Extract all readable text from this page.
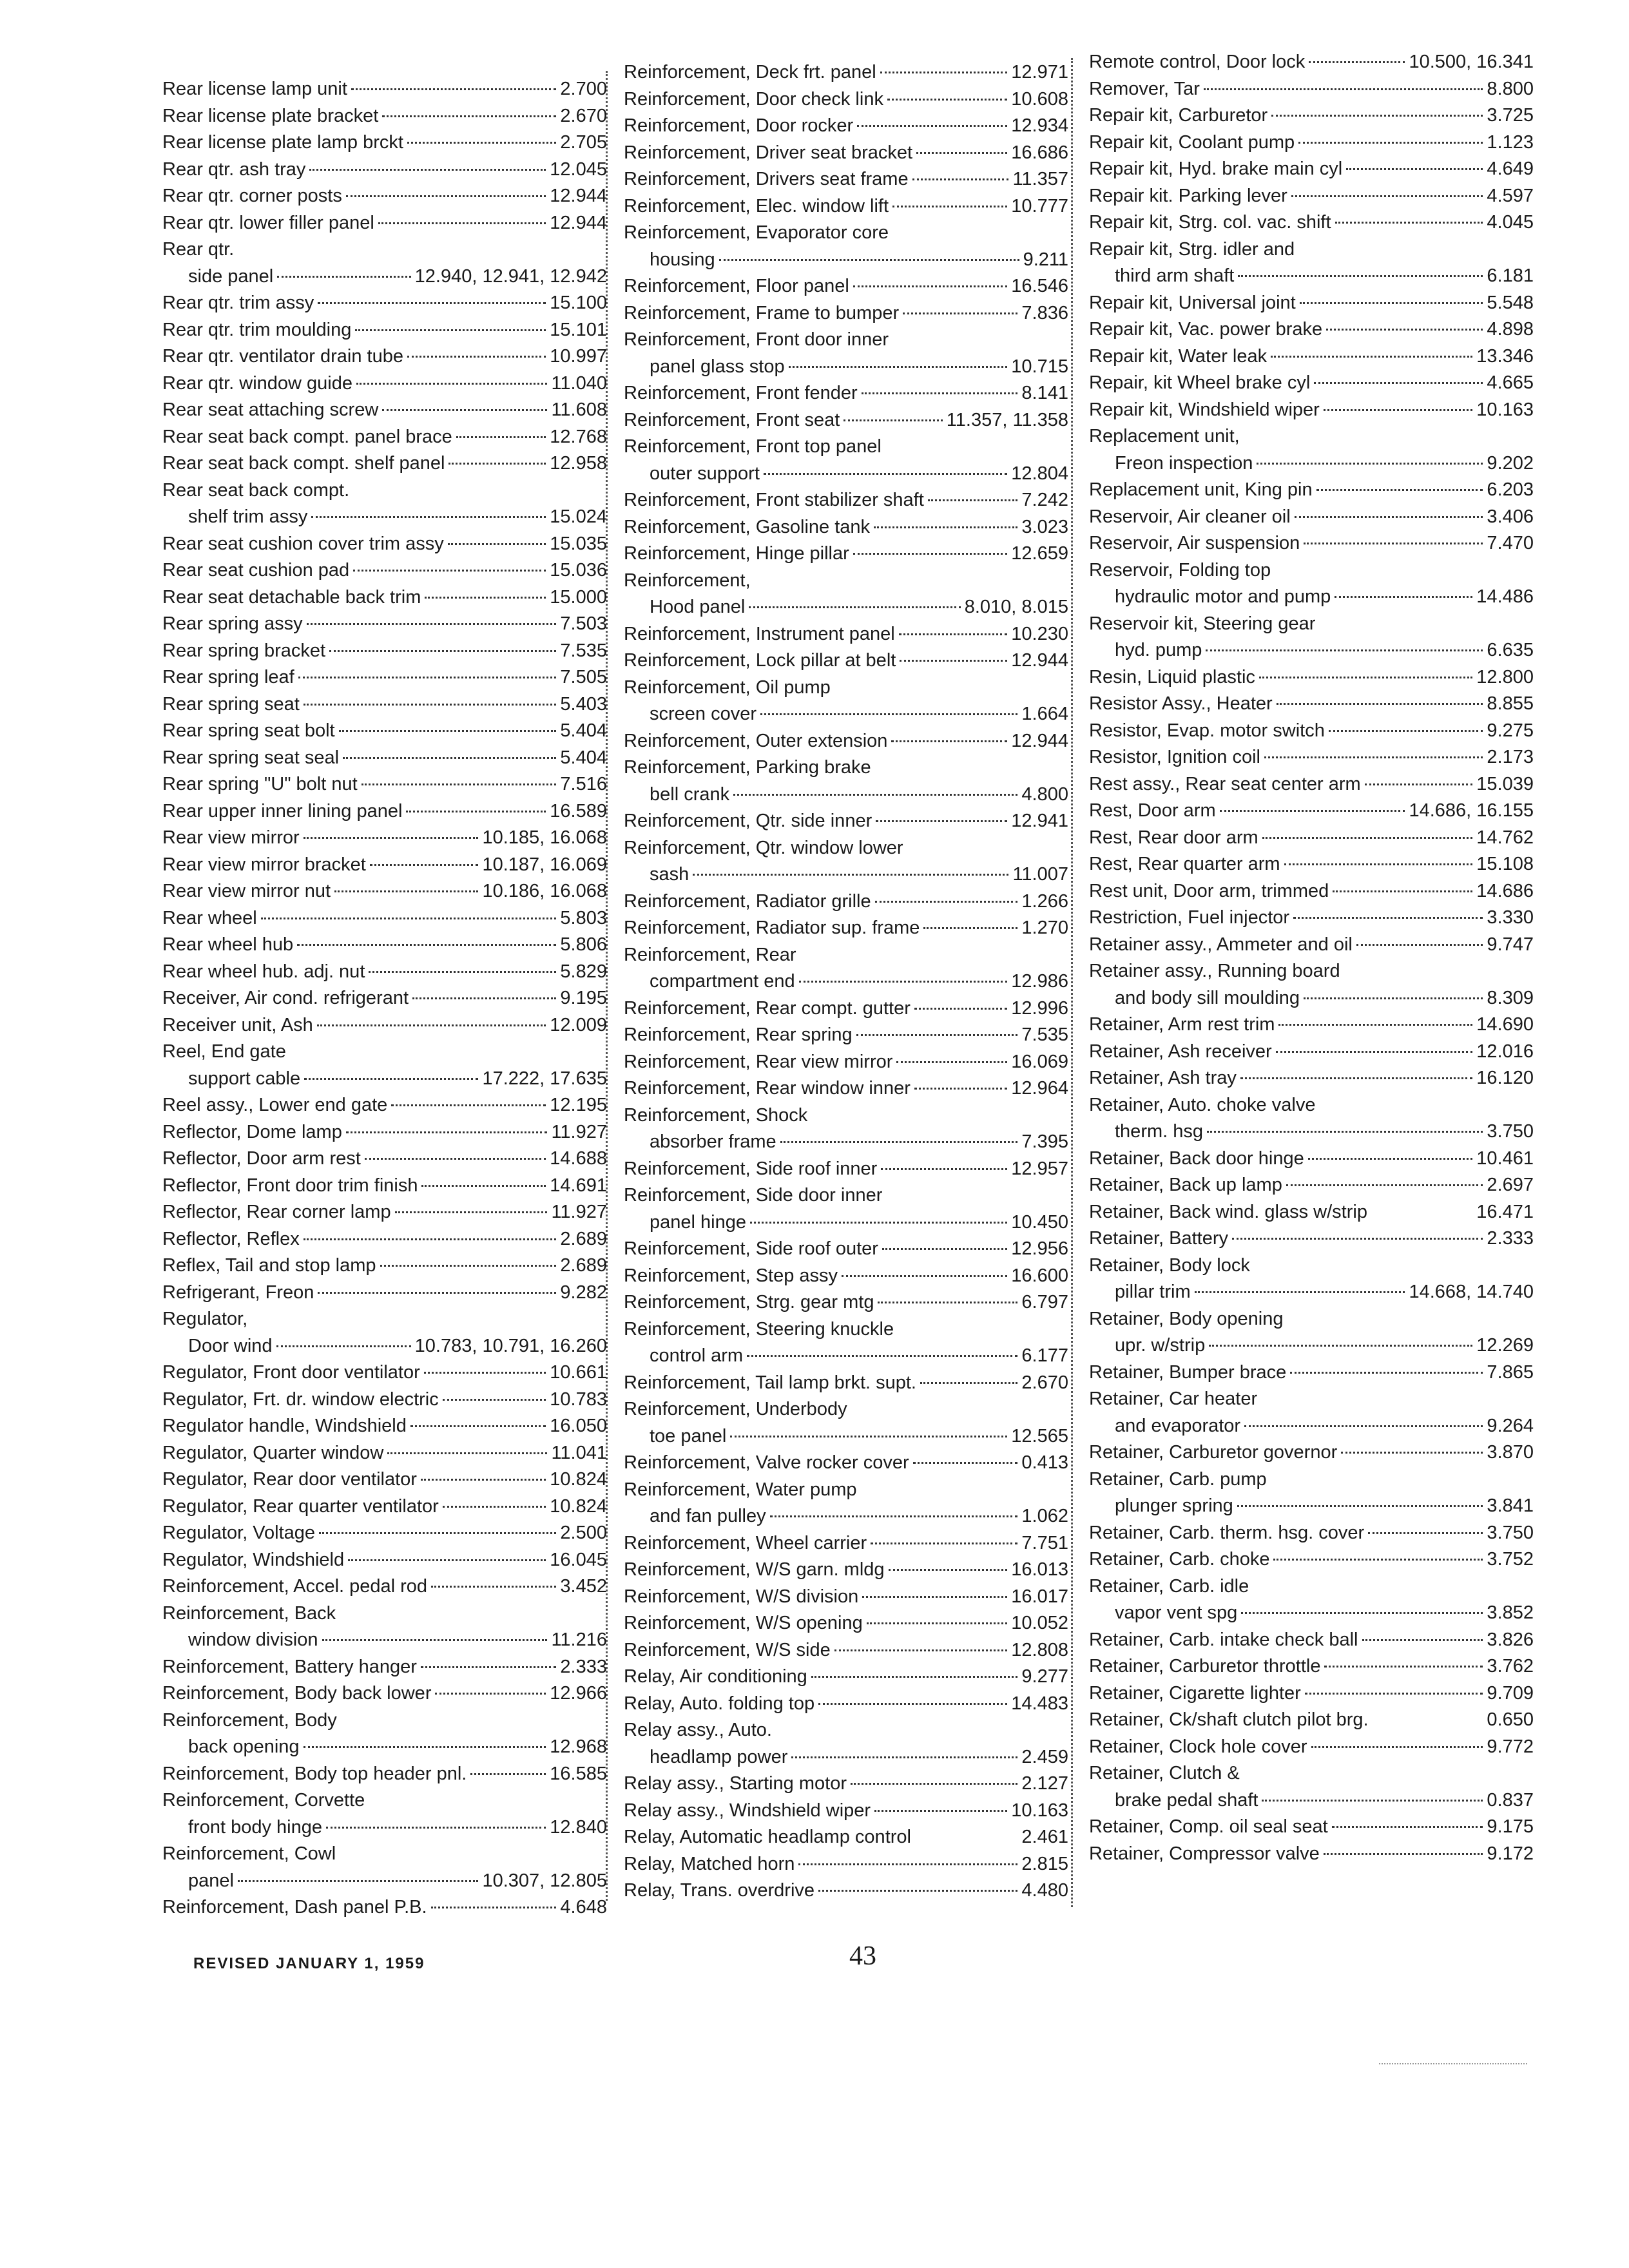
Rear license lamp unit	2.700
Rear license plate bracket	2.670
Rear license plate lamp brckt	2.705
Rear qtr. ash tray	12.045
Rear qtr. corner posts	12.944
Rear qtr. lower filler panel	12.944
Rear qtr.
side panel	12.940, 12.941, 12.942
Rear qtr. trim assy	15.100
Rear qtr. trim moulding	15.101
Rear qtr. ventilator drain tube	10.997
Rear qtr. window guide	11.040
Rear seat attaching screw	11.608
Rear seat back compt. panel brace	12.768
Rear seat back compt. shelf panel	12.958
Rear seat back compt.
shelf trim assy	15.024
Rear seat cushion cover trim assy	15.035
Rear seat cushion pad	15.036
Rear seat detachable back trim	15.000
Rear spring assy	7.503
Rear spring bracket	7.535
Rear spring leaf	7.505
Rear spring seat	5.403
Rear spring seat bolt	5.404
Rear spring seat seal	5.404
Rear spring "U" bolt nut	7.516
Rear upper inner lining panel	16.589
Rear view mirror	10.185, 16.068
Rear view mirror bracket	10.187, 16.069
Rear view mirror nut	10.186, 16.068
Rear wheel	5.803
Rear wheel hub	5.806
Rear wheel hub. adj. nut	5.829
Receiver, Air cond. refrigerant	9.195
Receiver unit, Ash	12.009
Reel, End gate
support cable	17.222, 17.635
Reel assy., Lower end gate	12.195
Reflector, Dome lamp	11.927
Reflector, Door arm rest	14.688
Reflector, Front door trim finish	14.691
Reflector, Rear corner lamp	11.927
Reflector, Reflex	2.689
Reflex, Tail and stop lamp	2.689
Refrigerant, Freon	9.282
Regulator,
Door wind	10.783, 10.791, 16.260
Regulator, Front door ventilator	10.661
Regulator, Frt. dr. window electric	10.783
Regulator handle, Windshield	16.050
Regulator, Quarter window	11.041
Regulator, Rear door ventilator	10.824
Regulator, Rear quarter ventilator	10.824
Regulator, Voltage	2.500
Regulator, Windshield	16.045
Reinforcement, Accel. pedal rod	3.452
Reinforcement, Back
window division	11.216
Reinforcement, Battery hanger	2.333
Reinforcement, Body back lower	12.966
Reinforcement, Body
back opening	12.968
Reinforcement, Body top header pnl.	16.585
Reinforcement, Corvette
front body hinge	12.840
Reinforcement, Cowl
panel	10.307, 12.805
Reinforcement, Dash panel P.B.	4.648
Reinforcement, Deck frt. panel	12.971
Reinforcement, Door check link	10.608
Reinforcement, Door rocker	12.934
Reinforcement, Driver seat bracket	16.686
Reinforcement, Drivers seat frame	11.357
Reinforcement, Elec. window lift	10.777
Reinforcement, Evaporator core
housing	9.211
Reinforcement, Floor panel	16.546
Reinforcement, Frame to bumper	7.836
Reinforcement, Front door inner
panel glass stop	10.715
Reinforcement, Front fender	8.141
Reinforcement, Front seat	11.357, 11.358
Reinforcement, Front top panel
outer support	12.804
Reinforcement, Front stabilizer shaft	7.242
Reinforcement, Gasoline tank	3.023
Reinforcement, Hinge pillar	12.659
Reinforcement,
Hood panel	8.010, 8.015
Reinforcement, Instrument panel	10.230
Reinforcement, Lock pillar at belt	12.944
Reinforcement, Oil pump
screen cover	1.664
Reinforcement, Outer extension	12.944
Reinforcement, Parking brake
bell crank	4.800
Reinforcement, Qtr. side inner	12.941
Reinforcement, Qtr. window lower
sash	11.007
Reinforcement, Radiator grille	1.266
Reinforcement, Radiator sup. frame	1.270
Reinforcement, Rear
compartment end	12.986
Reinforcement, Rear compt. gutter	12.996
Reinforcement, Rear spring	7.535
Reinforcement, Rear view mirror	16.069
Reinforcement, Rear window inner	12.964
Reinforcement, Shock
absorber frame	7.395
Reinforcement, Side roof inner	12.957
Reinforcement, Side door inner
panel hinge	10.450
Reinforcement, Side roof outer	12.956
Reinforcement, Step assy	16.600
Reinforcement, Strg. gear mtg	6.797
Reinforcement, Steering knuckle
control arm	6.177
Reinforcement, Tail lamp brkt. supt.	2.670
Reinforcement, Underbody
toe panel	12.565
Reinforcement, Valve rocker cover	0.413
Reinforcement, Water pump
and fan pulley	1.062
Reinforcement, Wheel carrier	7.751
Reinforcement, W/S garn. mldg	16.013
Reinforcement, W/S division	16.017
Reinforcement, W/S opening	10.052
Reinforcement, W/S side	12.808
Relay, Air conditioning	9.277
Relay, Auto. folding top	14.483
Relay assy., Auto.
headlamp power	2.459
Relay assy., Starting motor	2.127
Relay assy., Windshield wiper	10.163
Relay, Automatic headlamp control	2.461
Relay, Matched horn	2.815
Relay, Trans. overdrive	4.480
Remote control, Door lock	10.500, 16.341
Remover, Tar	8.800
Repair kit, Carburetor	3.725
Repair kit, Coolant pump	1.123
Repair kit, Hyd. brake main cyl	4.649
Repair kit. Parking lever	4.597
Repair kit, Strg. col. vac. shift	4.045
Repair kit, Strg. idler and
third arm shaft	6.181
Repair kit, Universal joint	5.548
Repair kit, Vac. power brake	4.898
Repair kit, Water leak	13.346
Repair, kit Wheel brake cyl	4.665
Repair kit, Windshield wiper	10.163
Replacement unit,
Freon inspection	9.202
Replacement unit, King pin	6.203
Reservoir, Air cleaner oil	3.406
Reservoir, Air suspension	7.470
Reservoir, Folding top
hydraulic motor and pump	14.486
Reservoir kit, Steering gear
hyd. pump	6.635
Resin, Liquid plastic	12.800
Resistor Assy., Heater	8.855
Resistor, Evap. motor switch	9.275
Resistor, Ignition coil	2.173
Rest assy., Rear seat center arm	15.039
Rest, Door arm	14.686, 16.155
Rest, Rear door arm	14.762
Rest, Rear quarter arm	15.108
Rest unit, Door arm, trimmed	14.686
Restriction, Fuel injector	3.330
Retainer assy., Ammeter and oil	9.747
Retainer assy., Running board
and body sill moulding	8.309
Retainer, Arm rest trim	14.690
Retainer, Ash receiver	12.016
Retainer, Ash tray	16.120
Retainer, Auto. choke valve
therm. hsg	3.750
Retainer, Back door hinge	10.461
Retainer, Back up lamp	2.697
Retainer, Back wind. glass w/strip	16.471
Retainer, Battery	2.333
Retainer, Body lock
pillar trim	14.668, 14.740
Retainer, Body opening
upr. w/strip	12.269
Retainer, Bumper brace	7.865
Retainer, Car heater
and evaporator	9.264
Retainer, Carburetor governor	3.870
Retainer, Carb. pump
plunger spring	3.841
Retainer, Carb. therm. hsg. cover	3.750
Retainer, Carb. choke	3.752
Retainer, Carb. idle
vapor vent spg	3.852
Retainer, Carb. intake check ball	3.826
Retainer, Carburetor throttle	3.762
Retainer, Cigarette lighter	9.709
Retainer, Ck/shaft clutch pilot brg.	0.650
Retainer, Clock hole cover	9.772
Retainer, Clutch &
brake pedal shaft	0.837
Retainer, Comp. oil seal seat	9.175
Retainer, Compressor valve	9.172
REVISED JANUARY 1, 1959	43
